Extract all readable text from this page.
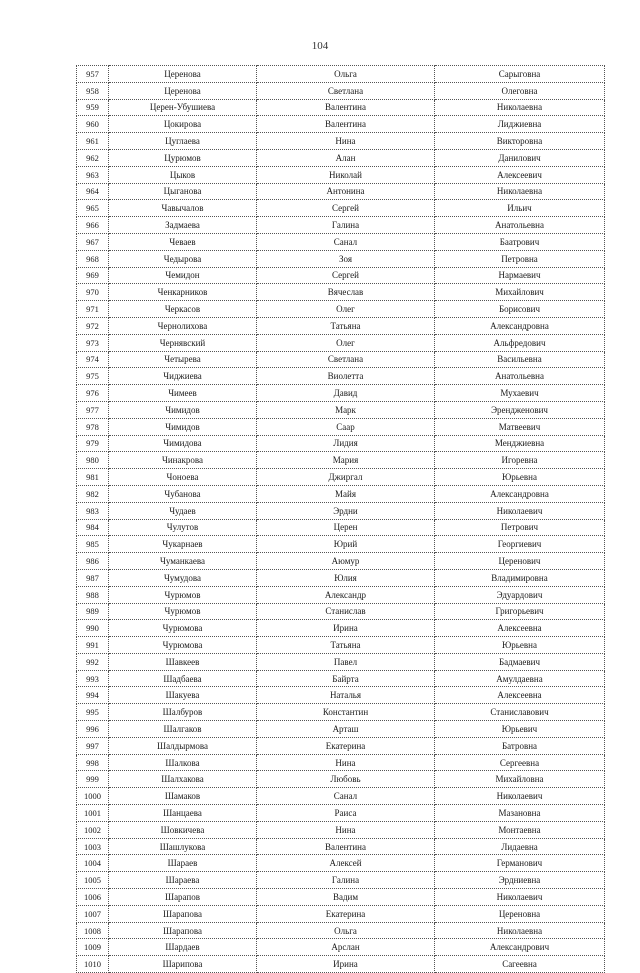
104
957	Церенова	Ольга	Сарыговна
958	Церенова	Светлана	Олеговна
959	Церен-Убушиева	Валентина	Николаевна
960	Цокирова	Валентина	Лиджиевна
961	Цуглаева	Нина	Викторовна
962	Цурюмов	Алан	Данилович
963	Цыков	Николай	Алексеевич
964	Цыганова	Антонина	Николаевна
965	Чавычалов	Сергей	Ильич
966	Задмаева	Галина	Анатольевна
967	Чеваев	Санал	Баатрович
968	Чедырова	Зоя	Петровна
969	Чемидон	Сергей	Нармаевич
970	Ченкарников	Вячеслав	Михайлович
971	Черкасов	Олег	Борисович
972	Чернолихова	Татьяна	Александровна
973	Чернявский	Олег	Альфредович
974	Четырева	Светлана	Васильевна
975	Чиджиева	Виолетта	Анатольевна
976	Чимеев	Давид	Мухаевич
977	Чимидов	Марк	Эрендженович
978	Чимидов	Саар	Матвеевич
979	Чимидова	Лидия	Менджиевна
980	Чинакрова	Мария	Игоревна
981	Чоноева	Джиргал	Юрьевна
982	Чубанова	Майя	Александровна
983	Чудаев	Эрдни	Николаевич
984	Чулутов	Церен	Петрович
985	Чукарнаев	Юрий	Георгиевич
986	Чуманкаева	Аюмур	Церенович
987	Чумудова	Юлия	Владимировна
988	Чурюмов	Александр	Эдуардович
989	Чурюмов	Станислав	Григорьевич
990	Чурюмова	Ирина	Алексеевна
991	Чурюмова	Татьяна	Юрьевна
992	Шавкеев	Павел	Бадмаевич
993	Шадбаева	Байрта	Амулдаевна
994	Шакуева	Наталья	Алексеевна
995	Шалбуров	Константин	Станиславович
996	Шалгаков	Арташ	Юрьевич
997	Шалдырмова	Екатерина	Батровна
998	Шалкова	Нина	Сергеевна
999	Шалхакова	Любовь	Михайловна
1000	Шамаков	Санал	Николаевич
1001	Шанцаева	Раиса	Мазановна
1002	Шовкичева	Нина	Монтаевна
1003	Шашлукова	Валентина	Лидаевна
1004	Шараев	Алексей	Германович
1005	Шараева	Галина	Эрдниевна
1006	Шарапов	Вадим	Николаевич
1007	Шарапова	Екатерина	Цереновна
1008	Шарапова	Ольга	Николаевна
1009	Шардаев	Арслан	Александрович
1010	Шарипова	Ирина	Сагеевна
